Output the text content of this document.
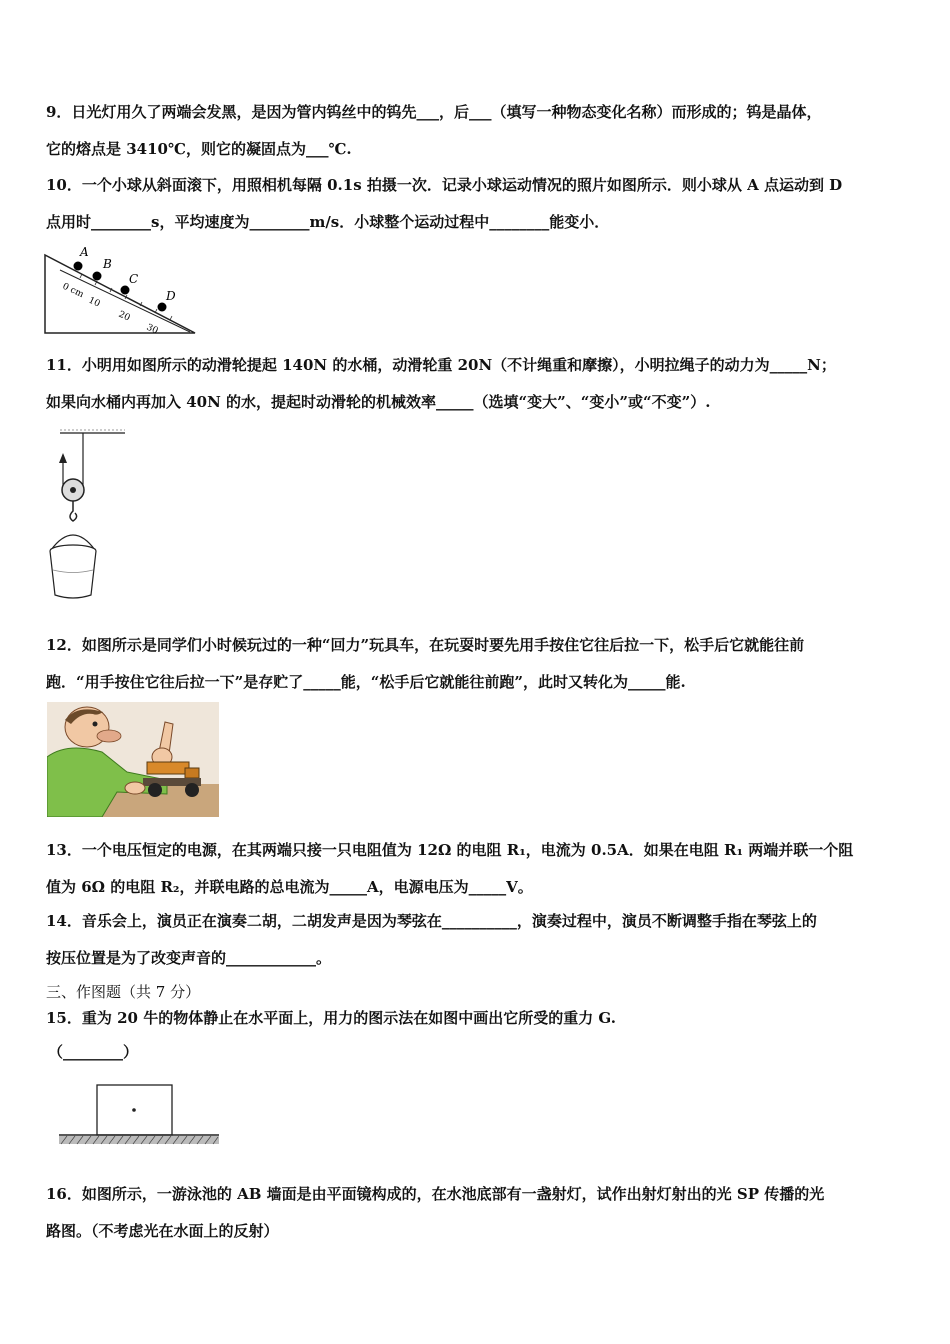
9．日光灯用久了两端会发黑，是因为管内钨丝中的钨先___，后___（填写一种物态变化名称）而形成的；钨是晶体，
它的熔点是 3410℃，则它的凝固点为___℃.
10．一个小球从斜面滚下，用照相机每隔 0.1s 拍摄一次．记录小球运动情况的照片如图所示．则小球从 A 点运动到 D
点用时________s，平均速度为________m/s．小球整个运动过程中________能变小．
A
B
C
D
0 cm
10
20
30
11．小明用如图所示的动滑轮提起 140N 的水桶，动滑轮重 20N（不计绳重和摩擦），小明拉绳子的动力为_____N；
如果向水桶内再加入 40N 的水，提起时动滑轮的机械效率_____（选填“变大”、“变小”或“不变”）.
12．如图所示是同学们小时候玩过的一种“回力”玩具车，在玩耍时要先用手按住它往后拉一下，松手后它就能往前
跑．“用手按住它往后拉一下”是存贮了_____能，“松手后它就能往前跑”，此时又转化为_____能.
13．一个电压恒定的电源，在其两端只接一只电阻值为 12Ω 的电阻 R₁，电流为 0.5A．如果在电阻 R₁ 两端并联一个阻
值为 6Ω 的电阻 R₂，并联电路的总电流为_____A，电源电压为_____V。
14．音乐会上，演员正在演奏二胡，二胡发声是因为琴弦在__________，演奏过程中，演员不断调整手指在琴弦上的
按压位置是为了改变声音的____________。
三、作图题（共 7 分）
15．重为 20 牛的物体静止在水平面上，用力的图示法在如图中画出它所受的重力 G.
（________）
16．如图所示，一游泳池的 AB 墙面是由平面镜构成的，在水池底部有一盏射灯，试作出射灯射出的光 SP 传播的光
路图。（不考虑光在水面上的反射）
